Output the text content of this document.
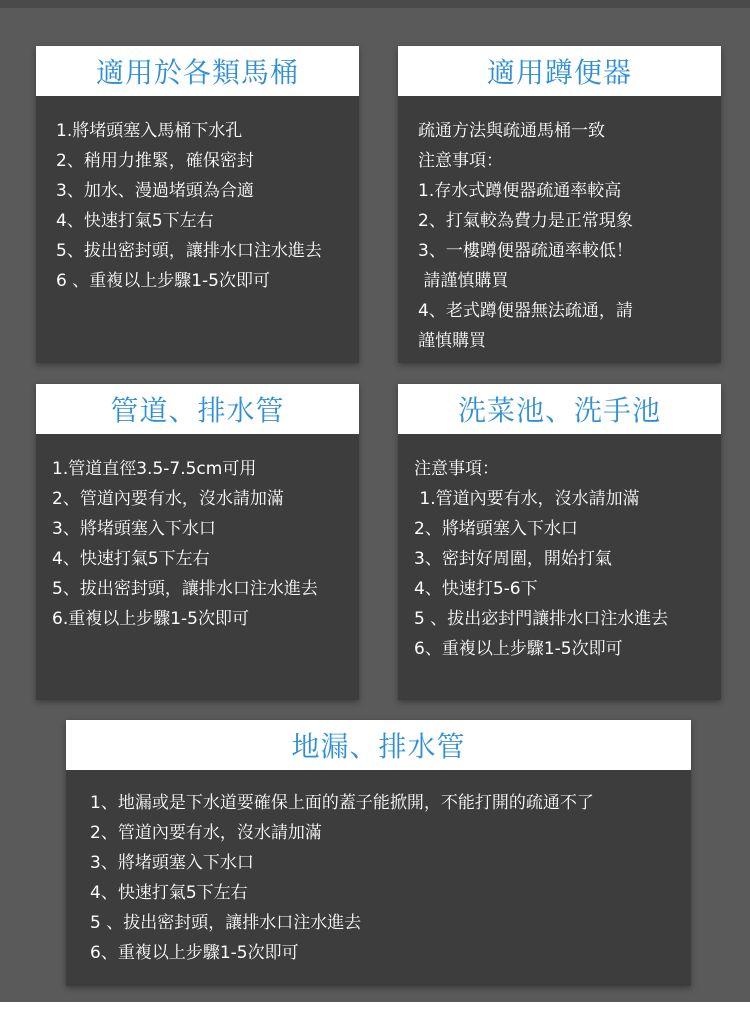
適用於各類馬桶
1.將堵頭塞入馬桶下水孔
2、稍用力推緊，確保密封
3、加水、漫過堵頭為合適
4、快速打氣5下左右
5、拔出密封頭，讓排水口注水進去
6 、重複以上步驟1-5次即可
適用蹲便器
疏通方法與疏通馬桶一致
注意事項：
1.存水式蹲便器疏通率較高
2、打氣較為費力是正常現象
3、一樓蹲便器疏通率較低！
請謹慎購買
4、老式蹲便器無法疏通，請
謹慎購買
管道、排水管
1.管道直徑3.5-7.5cm可用
2、管道內要有水，沒水請加滿
3、將堵頭塞入下水口
4、快速打氣5下左右
5、拔出密封頭，讓排水口注水進去
6.重複以上步驟1-5次即可
洗菜池、洗手池
注意事項：
1.管道內要有水，沒水請加滿
2、將堵頭塞入下水口
3、密封好周圍，開始打氣
4、快速打5-6下
5 、拔出宓封門讓排水口注水進去
6、重複以上步驟1-5次即可
地漏、排水管
1、地漏或是下水道要確保上面的蓋子能掀開，不能打開的疏通不了
2、管道內要有水，沒水請加滿
3、將堵頭塞入下水口
4、快速打氣5下左右
5 、拔出密封頭，讓排水口注水進去
6、重複以上步驟1-5次即可
